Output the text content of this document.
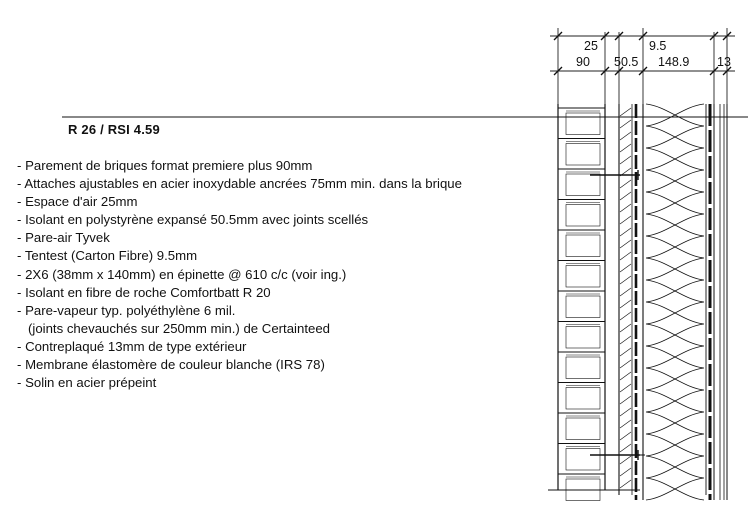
R 26 / RSI 4.59
- Parement de briques format premiere plus 90mm
- Attaches ajustables en acier inoxydable ancrées 75mm min. dans la brique
- Espace d'air 25mm
- Isolant en polystyrène expansé 50.5mm avec joints scellés
- Pare-air Tyvek
- Tentest (Carton Fibre) 9.5mm
- 2X6 (38mm x 140mm) en épinette @ 610 c/c (voir ing.)
- Isolant en fibre de roche Comfortbatt R 20
- Pare-vapeur typ. polyéthylène 6 mil.
(joints chevauchés sur 250mm min.) de Certainteed
- Contreplaqué 13mm de type extérieur
- Membrane élastomère de couleur blanche (IRS 78)
- Solin en acier prépeint
25	9.5
90 50.5 148.9 13
